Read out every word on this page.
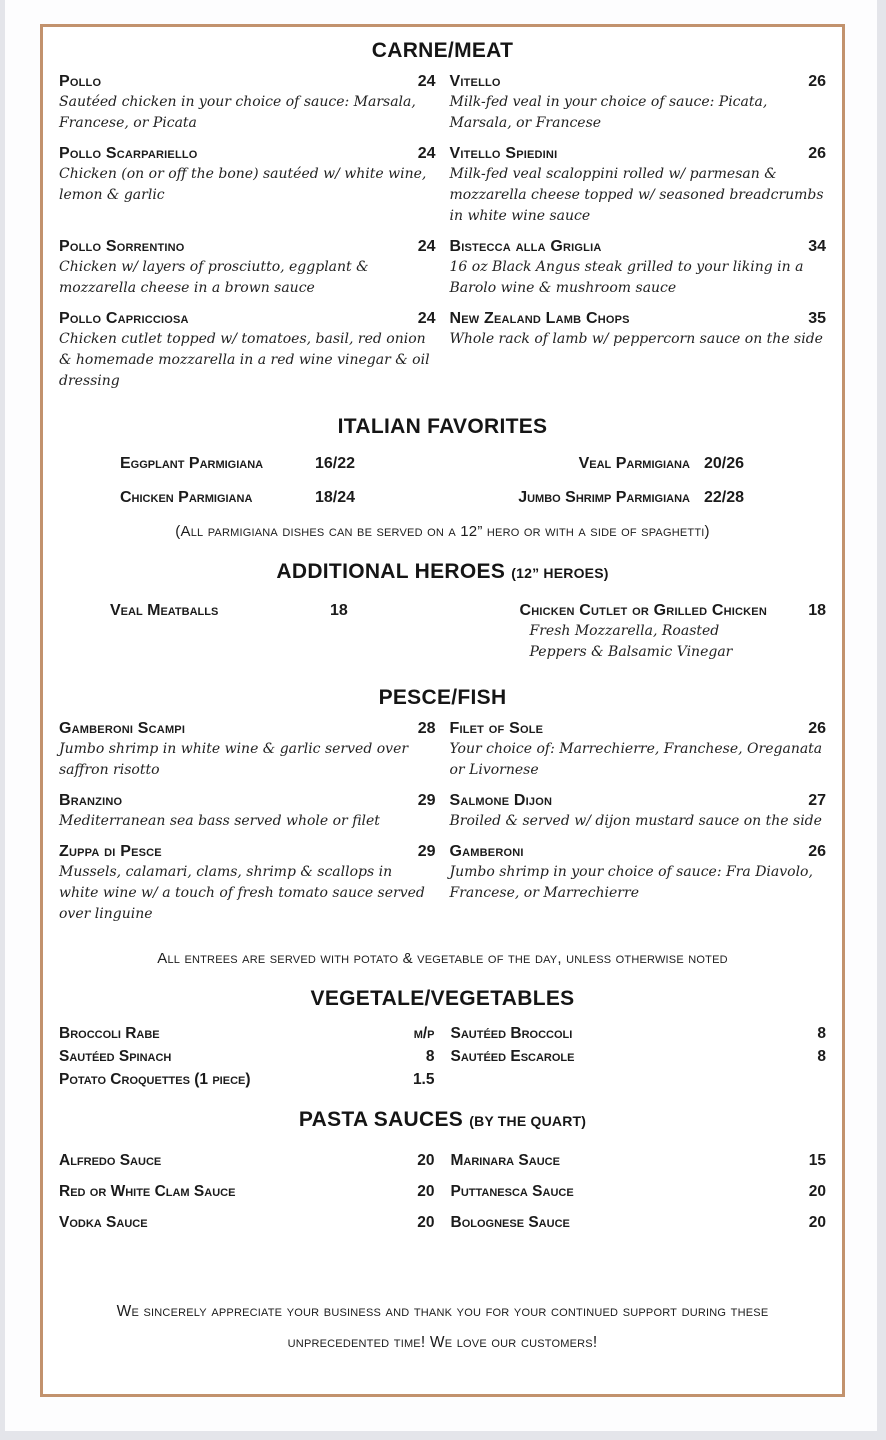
CARNE/MEAT
Pollo	24
Sautéed chicken in your choice of sauce: Marsala, Francese, or Picata
Vitello	26
Milk-fed veal in your choice of sauce: Picata, Marsala, or Francese
Pollo Scarpariello	24
Chicken (on or off the bone) sautéed w/ white wine, lemon & garlic
Vitello Spiedini	26
Milk-fed veal scaloppini rolled w/ parmesan & mozzarella cheese topped w/ seasoned breadcrumbs in white wine sauce
Pollo Sorrentino	24
Chicken w/ layers of prosciutto, eggplant & mozzarella cheese in a brown sauce
Bistecca alla Griglia	34
16 oz Black Angus steak grilled to your liking in a Barolo wine & mushroom sauce
Pollo Capricciosa	24
Chicken cutlet topped w/ tomatoes, basil, red onion & homemade mozzarella in a red wine vinegar & oil dressing
New Zealand Lamb Chops	35
Whole rack of lamb w/ peppercorn sauce on the side
ITALIAN FAVORITES
Eggplant Parmigiana	16/22	Veal Parmigiana 20/26
Chicken Parmigiana	18/24	Jumbo Shrimp Parmigiana 22/28
(All parmigiana dishes can be served on a 12” hero or with a side of spaghetti)
ADDITIONAL HEROES (12” HEROES)
Veal Meatballs	18	Chicken Cutlet or Grilled Chicken	18
Fresh Mozzarella, Roasted Peppers & Balsamic Vinegar
PESCE/FISH
Gamberoni Scampi	28
Jumbo shrimp in white wine & garlic served over saffron risotto
Filet of Sole	26
Your choice of: Marrechierre, Franchese, Oreganata or Livornese
Branzino	29
Mediterranean sea bass served whole or filet
Salmone Dijon	27
Broiled & served w/ dijon mustard sauce on the side
Zuppa di Pesce	29
Mussels, calamari, clams, shrimp & scallops in white wine w/ a touch of fresh tomato sauce served over linguine
Gamberoni	26
Jumbo shrimp in your choice of sauce: Fra Diavolo, Francese, or Marrechierre
All entrees are served with potato & vegetable of the day, unless otherwise noted
VEGETALE/VEGETABLES
Broccoli Rabe	m/p
Sautéed Spinach	8
Potato Croquettes (1 piece)	1.5
Sautéed Broccoli	8
Sautéed Escarole	8
PASTA SAUCES (BY THE QUART)
Alfredo Sauce	20
Red or White Clam Sauce	20
Vodka Sauce	20
Marinara Sauce	15
Puttanesca Sauce	20
Bolognese Sauce	20
We sincerely appreciate your business and thank you for your continued support during these
unprecedented time! We love our customers!
